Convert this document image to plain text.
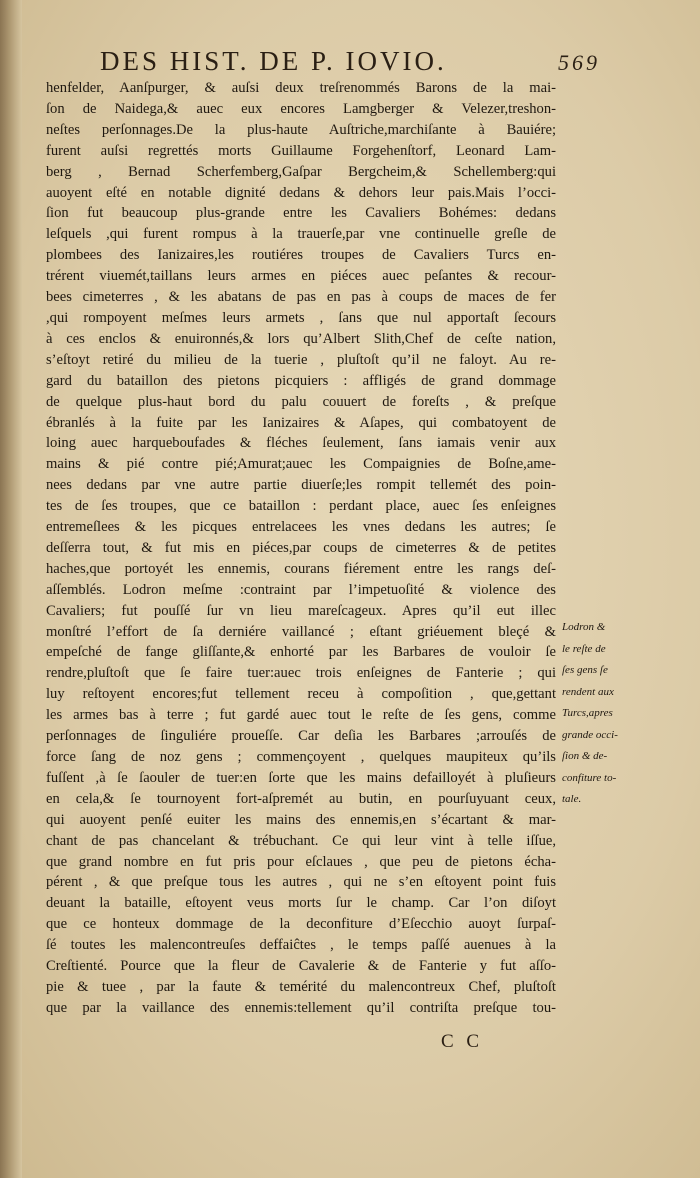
DES HIST. DE P. IOVIO.	569
henfelder, Aanſpurger, & auſsi deux treſrenommés Barons de la mai-
ſon de Naidega,& auec eux encores Lamgberger & Velezer,treshon-
neſtes perſonnages.De la plus-haute Auſtriche,marchiſante à Bauiére;
furent auſsi regrettés morts Guillaume Forgehenſtorf, Leonard Lam-
berg , Bernad Scherfemberg,Gaſpar Bergcheim,& Schellemberg:qui
auoyent eſté en notable dignité dedans & dehors leur pais.Mais l’occi-
ſion fut beaucoup plus-grande entre les Cavaliers Bohémes: dedans
leſquels ,qui furent rompus à la trauerſe,par vne continuelle greſle de
plombees des Ianizaires,les routiéres troupes de Cavaliers Turcs en-
trérent viuemét,taillans leurs armes en piéces auec peſantes & recour-
bees cimeterres , & les abatans de pas en pas à coups de maces de fer
,qui rompoyent meſmes leurs armets , ſans que nul apportaſt ſecours
à ces enclos & enuironnés,& lors qu’Albert Slith,Chef de ceſte nation,
s’eſtoyt retiré du milieu de la tuerie , pluſtoſt qu’il ne faloyt. Au re-
gard du bataillon des pietons picquiers : affligés de grand dommage
de quelque plus-haut bord du palu couuert de foreſts , & preſque
ébranlés à la fuite par les Ianizaires & Aſapes, qui combatoyent de
loing auec harqueboufades & fléches ſeulement, ſans iamais venir aux
mains & pié contre pié;Amurat;auec les Compaignies de Boſne,ame-
nees dedans par vne autre partie diuerſe;les rompit tellemét des poin-
tes de ſes troupes, que ce bataillon : perdant place, auec ſes enſeignes
entremeſlees & les picques entrelacees les vnes dedans les autres; ſe
deſſerra tout, & fut mis en piéces,par coups de cimeterres & de petites
haches,que portoyét les ennemis, courans fiérement entre les rangs deſ-
aſſemblés. Lodron meſme :contraint par l’impetuoſité & violence des
Cavaliers; fut pouſſé ſur vn lieu mareſcageux. Apres qu’il eut illec
monſtré l’effort de ſa derniére vaillancé ; eſtant griéuement bleçé &
empeſché de fange gliſſante,& enhorté par les Barbares de vouloir ſe
rendre,pluſtoſt que ſe faire tuer:auec trois enſeignes de Fanterie ; qui
luy reſtoyent encores;fut tellement receu à compoſition , que,gettant
les armes bas à terre ; fut gardé auec tout le reſte de ſes gens, comme
perſonnages de ſinguliére proueſſe. Car deſia les Barbares ;arrouſés de
force ſang de noz gens ; commençoyent , quelques maupiteux qu’ils
fuſſent ,à ſe ſaouler de tuer:en ſorte que les mains defailloyét à pluſieurs
en cela,& ſe tournoyent fort-aſpremét au butin, en pourſuyuant ceux,
qui auoyent penſé euiter les mains des ennemis,en s’écartant & mar-
chant de pas chancelant & trébuchant. Ce qui leur vint à telle iſſue,
que grand nombre en fut pris pour eſclaues , que peu de pietons écha-
pérent , & que preſque tous les autres , qui ne s’en eſtoyent point fuis
deuant la bataille, eſtoyent veus morts ſur le champ. Car l’on diſoyt
que ce honteux dommage de la deconfiture d’Eſecchio auoyt ſurpaſ-
ſé toutes les malencontreuſes deffaiĉtes , le temps paſſé auenues à la
Creſtienté. Pource que la fleur de Cavalerie & de Fanterie y fut aſſo-
pie & tuee , par la faute & temérité du malencontreux Chef, pluſtoſt
que par la vaillance des ennemis:tellement qu’il contriſta preſque tou-
Lodron &
le reſte de
ſes gens ſe
rendent aux
Turcs,apres
grande occi-
ſion & de-
confiture to-
tale.
C C
